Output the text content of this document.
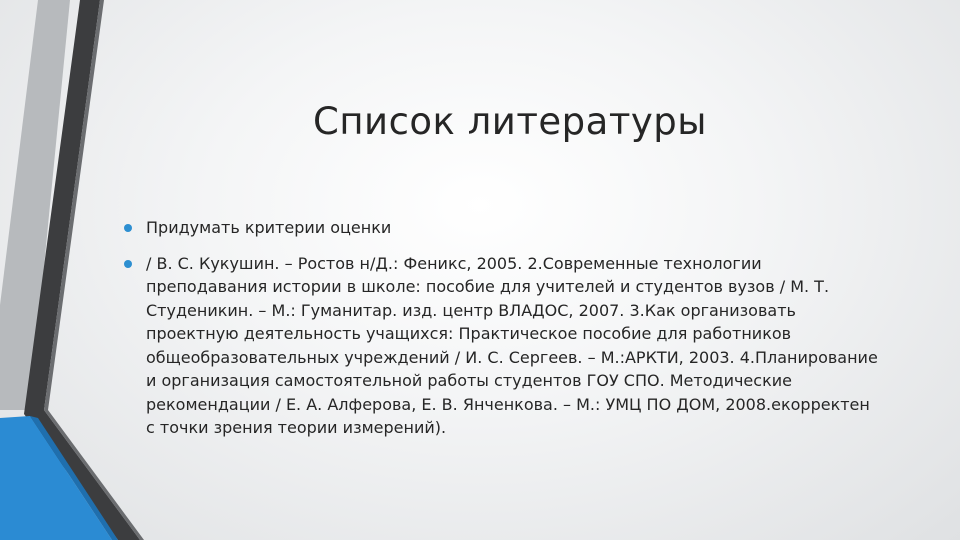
Список литературы
Придумать критерии оценки
/ В. С. Кукушин. – Ростов н/Д.: Феникс, 2005. 2.Современные технологии преподавания истории в школе: пособие для учителей и студентов вузов / М. Т. Студеникин. – М.: Гуманитар. изд. центр ВЛАДОС, 2007. 3.Как организовать проектную деятельность учащихся: Практическое пособие для работников общеобразовательных учреждений / И. С. Сергеев. – М.:АРКТИ, 2003. 4.Планирование и организация самостоятельной работы студентов ГОУ СПО. Методические рекомендации / Е. А. Алферова, Е. В. Янченкова. – М.: УМЦ ПО ДОМ, 2008.екорректен с точки зрения теории измерений).
